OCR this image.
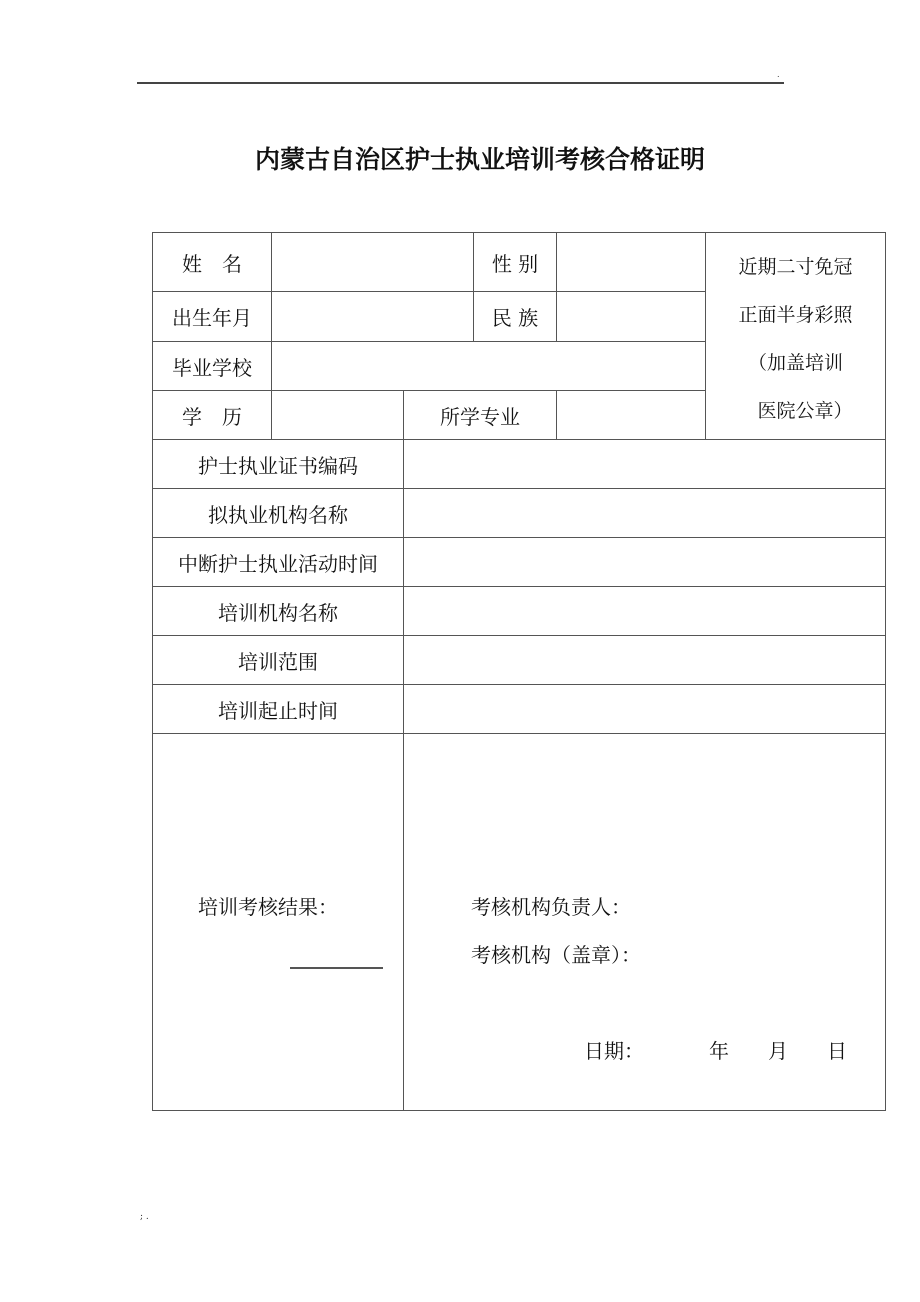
.
内蒙古自治区护士执业培训考核合格证明
姓　名	性 别	近期二寸免冠
正面半身彩照
（加盖培训
　医院公章）
出生年月	民 族
毕业学校
学　历	所学专业
护士执业证书编码
拟执业机构名称
中断护士执业活动时间
培训机构名称
培训范围
培训起止时间
培训考核结果：	考核机构负责人：
考核机构（盖章）：
日期：	年 月 日
; .
